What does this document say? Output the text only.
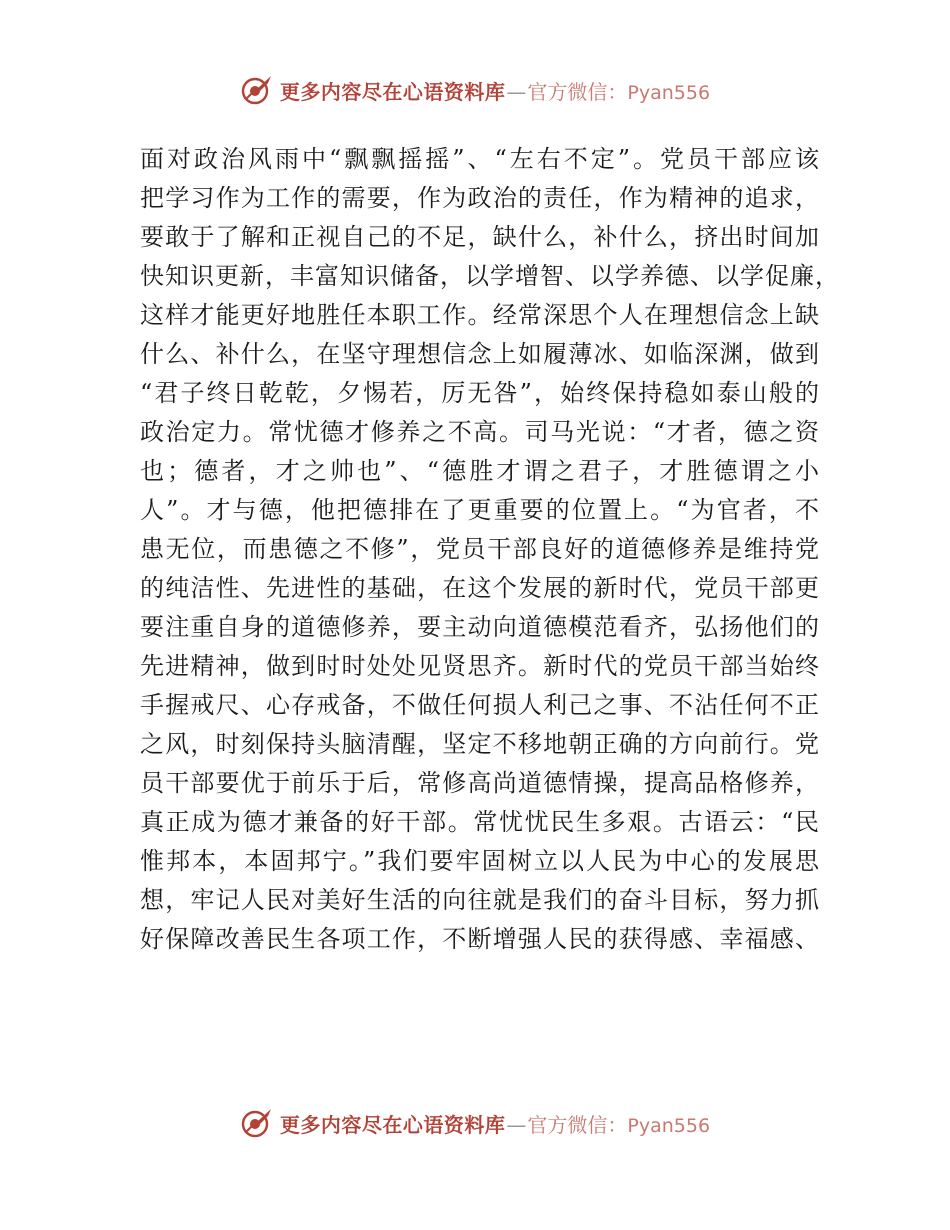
更多内容尽在心语资料库 — 官方微信： Pyan556
面对政治风雨中“飘飘摇摇”、“左右不定”。党员干部应该
把学习作为工作的需要，作为政治的责任，作为精神的追求，
要敢于了解和正视自己的不足，缺什么，补什么，挤出时间加
快知识更新，丰富知识储备，以学增智、以学养德、以学促廉，
这样才能更好地胜任本职工作。经常深思个人在理想信念上缺
什么、补什么，在坚守理想信念上如履薄冰、如临深渊，做到
“君子终日乾乾，夕惕若，厉无咎”，始终保持稳如泰山般的
政治定力。常忧德才修养之不高。司马光说：“才者，德之资
也；德者，才之帅也”、“德胜才谓之君子，才胜德谓之小
人”。才与德，他把德排在了更重要的位置上。“为官者，不
患无位，而患德之不修”，党员干部良好的道德修养是维持党
的纯洁性、先进性的基础，在这个发展的新时代，党员干部更
要注重自身的道德修养，要主动向道德模范看齐，弘扬他们的
先进精神，做到时时处处见贤思齐。新时代的党员干部当始终
手握戒尺、心存戒备，不做任何损人利己之事、不沾任何不正
之风，时刻保持头脑清醒，坚定不移地朝正确的方向前行。党
员干部要优于前乐于后，常修高尚道德情操，提高品格修养，
真正成为德才兼备的好干部。常忧忧民生多艰。古语云：“民
惟邦本，本固邦宁。”我们要牢固树立以人民为中心的发展思
想，牢记人民对美好生活的向往就是我们的奋斗目标，努力抓
好保障改善民生各项工作，不断增强人民的获得感、幸福感、
更多内容尽在心语资料库 — 官方微信： Pyan556
